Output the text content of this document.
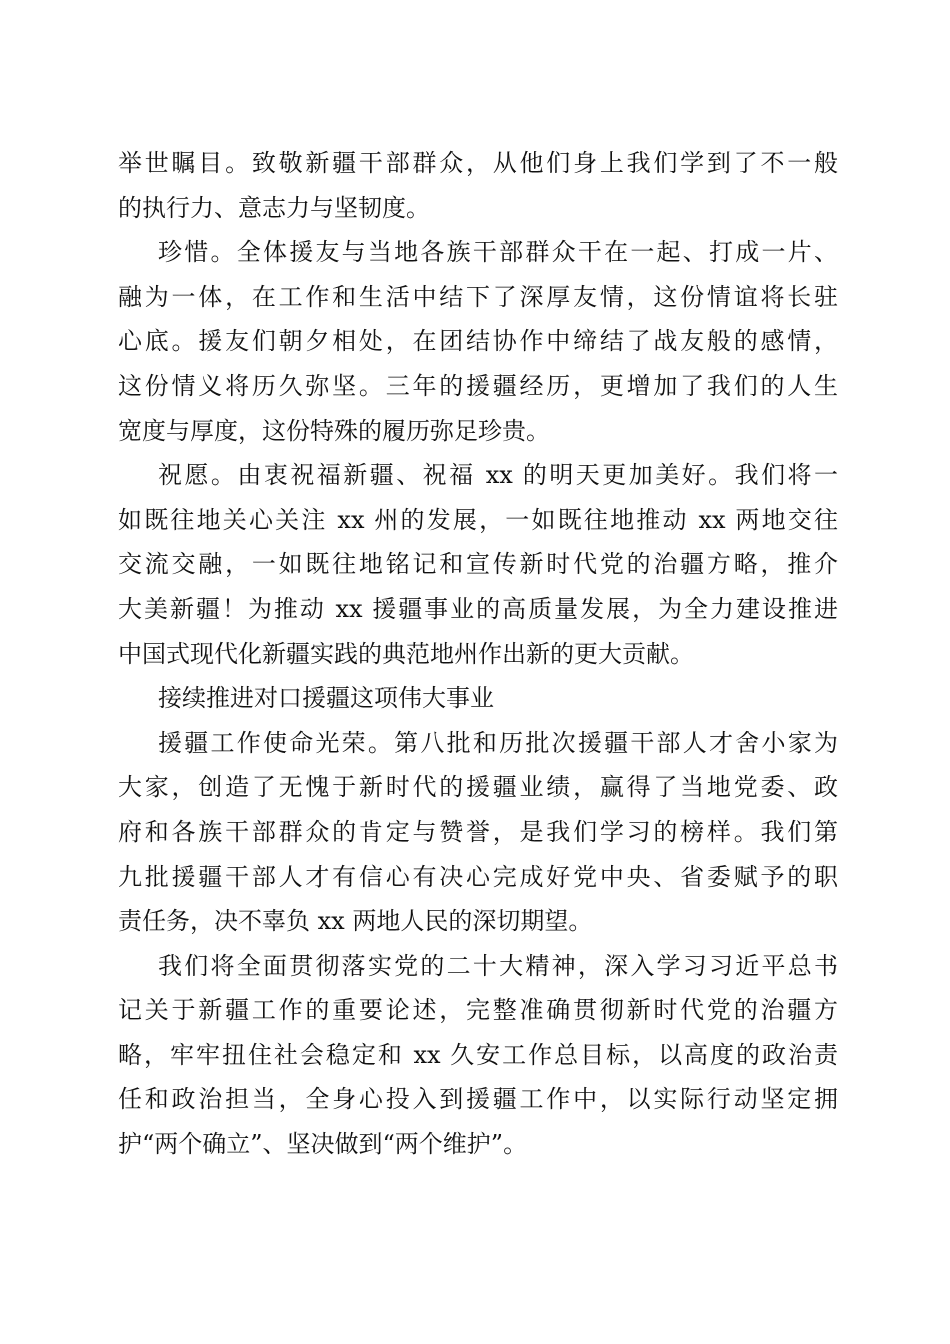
举世瞩目。致敬新疆干部群众，从他们身上我们学到了不一般
的执行力、意志力与坚韧度。
珍惜。全体援友与当地各族干部群众干在一起、打成一片、
融为一体，在工作和生活中结下了深厚友情，这份情谊将长驻
心底。援友们朝夕相处，在团结协作中缔结了战友般的感情，
这份情义将历久弥坚。三年的援疆经历，更增加了我们的人生
宽度与厚度，这份特殊的履历弥足珍贵。
祝愿。由衷祝福新疆、祝福 xx 的明天更加美好。我们将一
如既往地关心关注 xx 州的发展，一如既往地推动 xx 两地交往
交流交融，一如既往地铭记和宣传新时代党的治疆方略，推介
大美新疆！为推动 xx 援疆事业的高质量发展，为全力建设推进
中国式现代化新疆实践的典范地州作出新的更大贡献。
接续推进对口援疆这项伟大事业
援疆工作使命光荣。第八批和历批次援疆干部人才舍小家为
大家，创造了无愧于新时代的援疆业绩，赢得了当地党委、政
府和各族干部群众的肯定与赞誉，是我们学习的榜样。我们第
九批援疆干部人才有信心有决心完成好党中央、省委赋予的职
责任务，决不辜负 xx 两地人民的深切期望。
我们将全面贯彻落实党的二十大精神，深入学习习近平总书
记关于新疆工作的重要论述，完整准确贯彻新时代党的治疆方
略，牢牢扭住社会稳定和 xx 久安工作总目标，以高度的政治责
任和政治担当，全身心投入到援疆工作中，以实际行动坚定拥
护“两个确立”、坚决做到“两个维护”。
